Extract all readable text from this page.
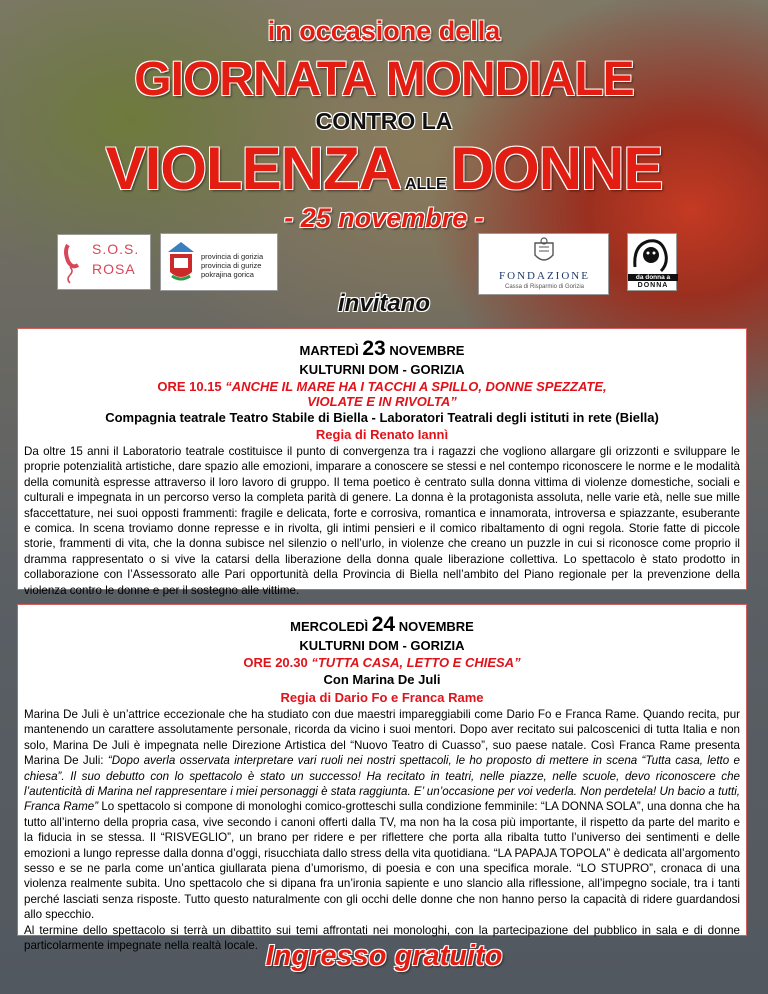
in occasione della
GIORNATA MONDIALE
CONTRO LA
VIOLENZA ALLEDONNE
- 25 novembre -
S.O.S.
ROSA
provincia di gorizia
provincia di gurize
pokrajina gorica	FONDAZIONE
Cassa di Risparmio di Gorizia
da donna a
DONNA
invitano
MARTEDÌ 23 NOVEMBRE
KULTURNI DOM - GORIZIA
ORE 10.15 “ANCHE IL MARE HA I TACCHI A SPILLO, DONNE SPEZZATE,
VIOLATE E IN RIVOLTA”
Compagnia teatrale Teatro Stabile di Biella - Laboratori Teatrali degli istituti in rete (Biella)
Regia di Renato Iannì

Da oltre 15 anni il Laboratorio teatrale costituisce il punto di convergenza tra i ragazzi che vogliono allargare gli orizzonti e sviluppare le proprie potenzialità artistiche, dare spazio alle emozioni, imparare a conoscere se stessi e nel contempo riconoscere le norme e le modalità della comunità espresse attraverso il loro lavoro di gruppo. Il tema poetico è centrato sulla donna vittima di violenze domestiche, sociali e culturali e impegnata in un percorso verso la completa parità di genere. La donna è la protagonista assoluta, nelle varie età, nelle sue mille sfaccettature, nei suoi opposti frammenti: fragile e delicata, forte e corrosiva, romantica e innamorata, introversa e spiazzante, esuberante e comica. In scena troviamo donne represse e in rivolta, gli intimi pensieri e il comico ribaltamento di ogni regola. Storie fatte di piccole storie, frammenti di vita, che la donna subisce nel silenzio o nell’urlo, in violenze che creano un puzzle in cui si riconosce come proprio il dramma rappresentato o si vive la catarsi della liberazione della donna quale liberazione collettiva. Lo spettacolo è stato prodotto in collaborazione con l’Assessorato alle Pari opportunità della Provincia di Biella nell’ambito del Piano regionale per la prevenzione della violenza contro le donne e per il sostegno alle vittime.

MERCOLEDÌ 24 NOVEMBRE
KULTURNI DOM - GORIZIA
ORE 20.30 “TUTTA CASA, LETTO E CHIESA”
Con Marina De Juli
Regia di Dario Fo e Franca Rame

Marina De Juli è un’attrice eccezionale che ha studiato con due maestri impareggiabili come Dario Fo e Franca Rame. Quando recita, pur mantenendo un carattere assolutamente personale, ricorda da vicino i suoi mentori. Dopo aver recitato sui palcoscenici di tutta Italia e non solo, Marina De Juli è impegnata nelle Direzione Artistica del “Nuovo Teatro di Cuasso”, suo paese natale. Così Franca Rame presenta Marina De Juli: “Dopo averla osservata interpretare vari ruoli nei nostri spettacoli, le ho proposto di mettere in scena “Tutta casa, letto e chiesa”. Il suo debutto con lo spettacolo è stato un successo! Ha recitato in teatri, nelle piazze, nelle scuole, devo riconoscere che l’autenticità di Marina nel rappresentare i miei personaggi è stata raggiunta. E’ un’occasione per voi vederla. Non perdetela! Un bacio a tutti, Franca Rame” Lo spettacolo si compone di monologhi comico-grotteschi sulla condizione femminile: “LA DONNA SOLA”, una donna che ha tutto all’interno della propria casa, vive secondo i canoni offerti dalla TV, ma non ha la cosa più importante, il rispetto da parte del marito e la fiducia in se stessa. Il “RISVEGLIO”, un brano per ridere e per riflettere che porta alla ribalta tutto l’universo dei sentimenti e delle emozioni a lungo represse dalla donna d’oggi, risucchiata dallo stress della vita quotidiana. “LA PAPAJA TOPOLA” è dedicata all’argomento sesso e se ne parla come un’antica giullarata piena d’umorismo, di poesia e con una specifica morale. “LO STUPRO”, cronaca di una violenza realmente subita. Uno spettacolo che si dipana fra un’ironia sapiente e uno slancio alla riflessione, all’impegno sociale, tra i tanti perché lasciati senza risposte. Tutto questo naturalmente con gli occhi delle donne che non hanno perso la capacità di ridere guardandosi allo specchio.

Al termine dello spettacolo si terrà un dibattito sui temi affrontati nei monologhi, con la partecipazione del pubblico in sala e di donne particolarmente impegnate nella realtà locale. Ingresso gratuito
